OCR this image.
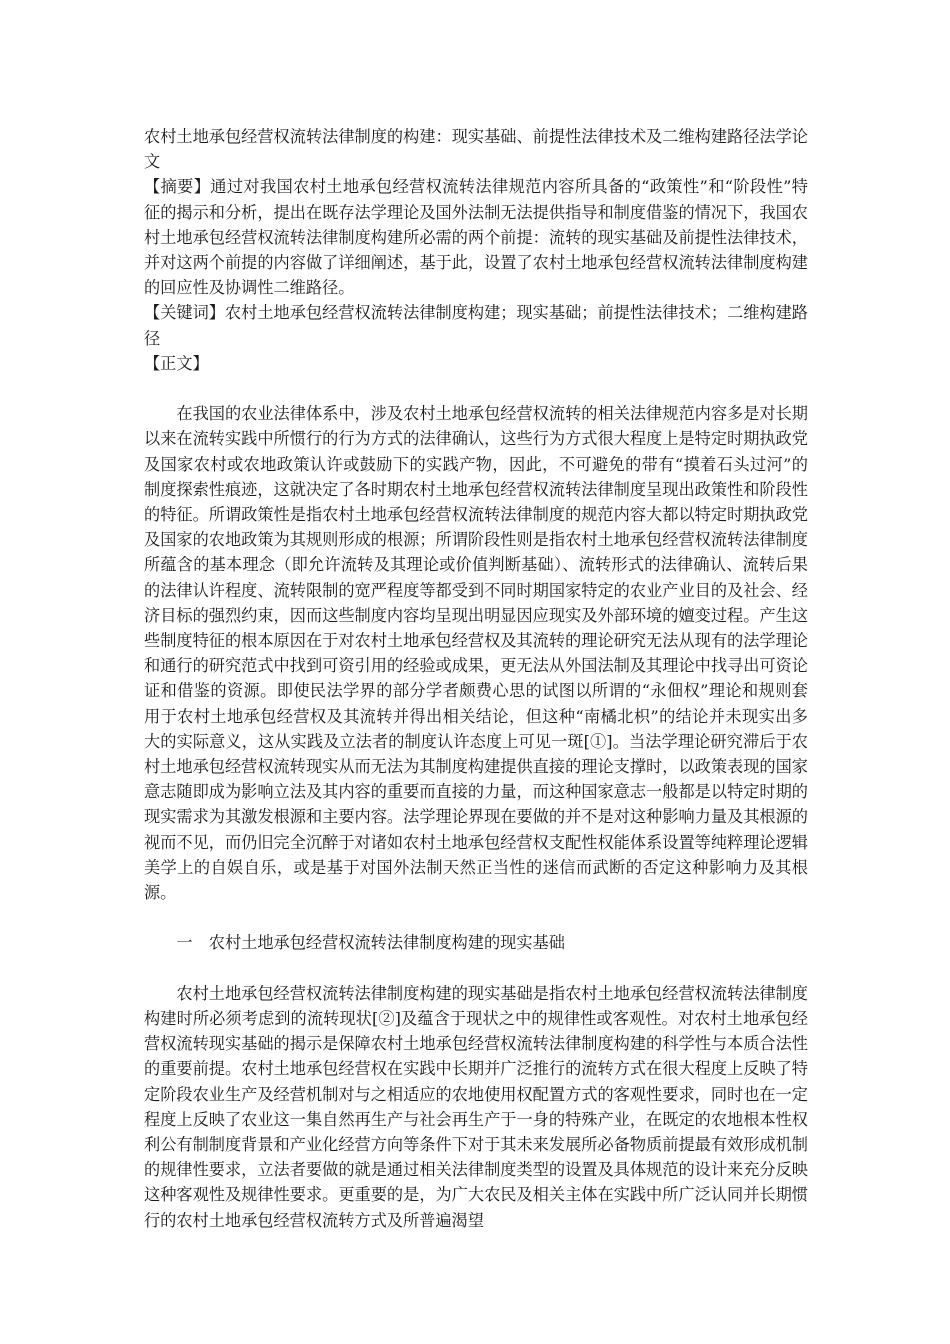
农村土地承包经营权流转法律制度的构建：现实基础、前提性法律技术及二维构建路径法学论文

【摘要】通过对我国农村土地承包经营权流转法律规范内容所具备的“政策性”和“阶段性”特征的揭示和分析，提出在既存法学理论及国外法制无法提供指导和制度借鉴的情况下，我国农村土地承包经营权流转法律制度构建所必需的两个前提：流转的现实基础及前提性法律技术，并对这两个前提的内容做了详细阐述，基于此，设置了农村土地承包经营权流转法律制度构建的回应性及协调性二维路径。

【关键词】农村土地承包经营权流转法律制度构建；现实基础；前提性法律技术；二维构建路径

【正文】

在我国的农业法律体系中，涉及农村土地承包经营权流转的相关法律规范内容多是对长期以来在流转实践中所惯行的行为方式的法律确认，这些行为方式很大程度上是特定时期执政党及国家农村或农地政策认许或鼓励下的实践产物，因此，不可避免的带有“摸着石头过河”的制度探索性痕迹，这就决定了各时期农村土地承包经营权流转法律制度呈现出政策性和阶段性的特征。所谓政策性是指农村土地承包经营权流转法律制度的规范内容大都以特定时期执政党及国家的农地政策为其规则形成的根源；所谓阶段性则是指农村土地承包经营权流转法律制度所蕴含的基本理念（即允许流转及其理论或价值判断基础）、流转形式的法律确认、流转后果的法律认许程度、流转限制的宽严程度等都受到不同时期国家特定的农业产业目的及社会、经济目标的强烈约束，因而这些制度内容均呈现出明显因应现实及外部环境的嬗变过程。产生这些制度特征的根本原因在于对农村土地承包经营权及其流转的理论研究无法从现有的法学理论和通行的研究范式中找到可资引用的经验或成果，更无法从外国法制及其理论中找寻出可资论证和借鉴的资源。即使民法学界的部分学者颇费心思的试图以所谓的“永佃权”理论和规则套用于农村土地承包经营权及其流转并得出相关结论，但这种“南橘北枳”的结论并未现实出多大的实际意义，这从实践及立法者的制度认许态度上可见一斑[①]。当法学理论研究滞后于农村土地承包经营权流转现实从而无法为其制度构建提供直接的理论支撑时，以政策表现的国家意志随即成为影响立法及其内容的重要而直接的力量，而这种国家意志一般都是以特定时期的现实需求为其激发根源和主要内容。法学理论界现在要做的并不是对这种影响力量及其根源的视而不见，而仍旧完全沉醉于对诸如农村土地承包经营权支配性权能体系设置等纯粹理论逻辑美学上的自娱自乐，或是基于对国外法制天然正当性的迷信而武断的否定这种影响力及其根源。

一　农村土地承包经营权流转法律制度构建的现实基础

农村土地承包经营权流转法律制度构建的现实基础是指农村土地承包经营权流转法律制度构建时所必须考虑到的流转现状[②]及蕴含于现状之中的规律性或客观性。对农村土地承包经营权流转现实基础的揭示是保障农村土地承包经营权流转法律制度构建的科学性与本质合法性的重要前提。农村土地承包经营权在实践中长期并广泛推行的流转方式在很大程度上反映了特定阶段农业生产及经营机制对与之相适应的农地使用权配置方式的客观性要求，同时也在一定程度上反映了农业这一集自然再生产与社会再生产于一身的特殊产业，在既定的农地根本性权利公有制制度背景和产业化经营方向等条件下对于其未来发展所必备物质前提最有效形成机制的规律性要求，立法者要做的就是通过相关法律制度类型的设置及具体规范的设计来充分反映这种客观性及规律性要求。更重要的是，为广大农民及相关主体在实践中所广泛认同并长期惯行的农村土地承包经营权流转方式及所普遍渴望
